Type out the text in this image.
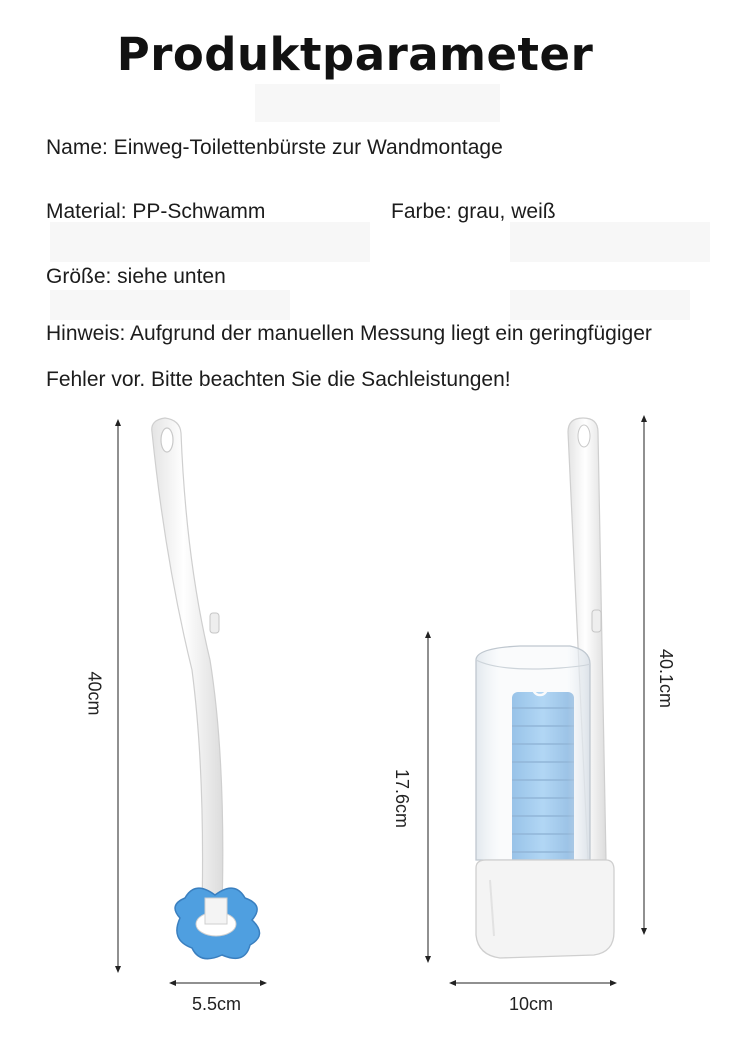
Produktparameter
Name: Einweg-Toilettenbürste zur Wandmontage
Material: PP-Schwamm	Farbe: grau, weiß
Größe: siehe unten
Hinweis: Aufgrund der manuellen Messung liegt ein geringfügiger
Fehler vor. Bitte beachten Sie die Sachleistungen!
40cm
5.5cm
17.6cm
40.1cm
10cm
